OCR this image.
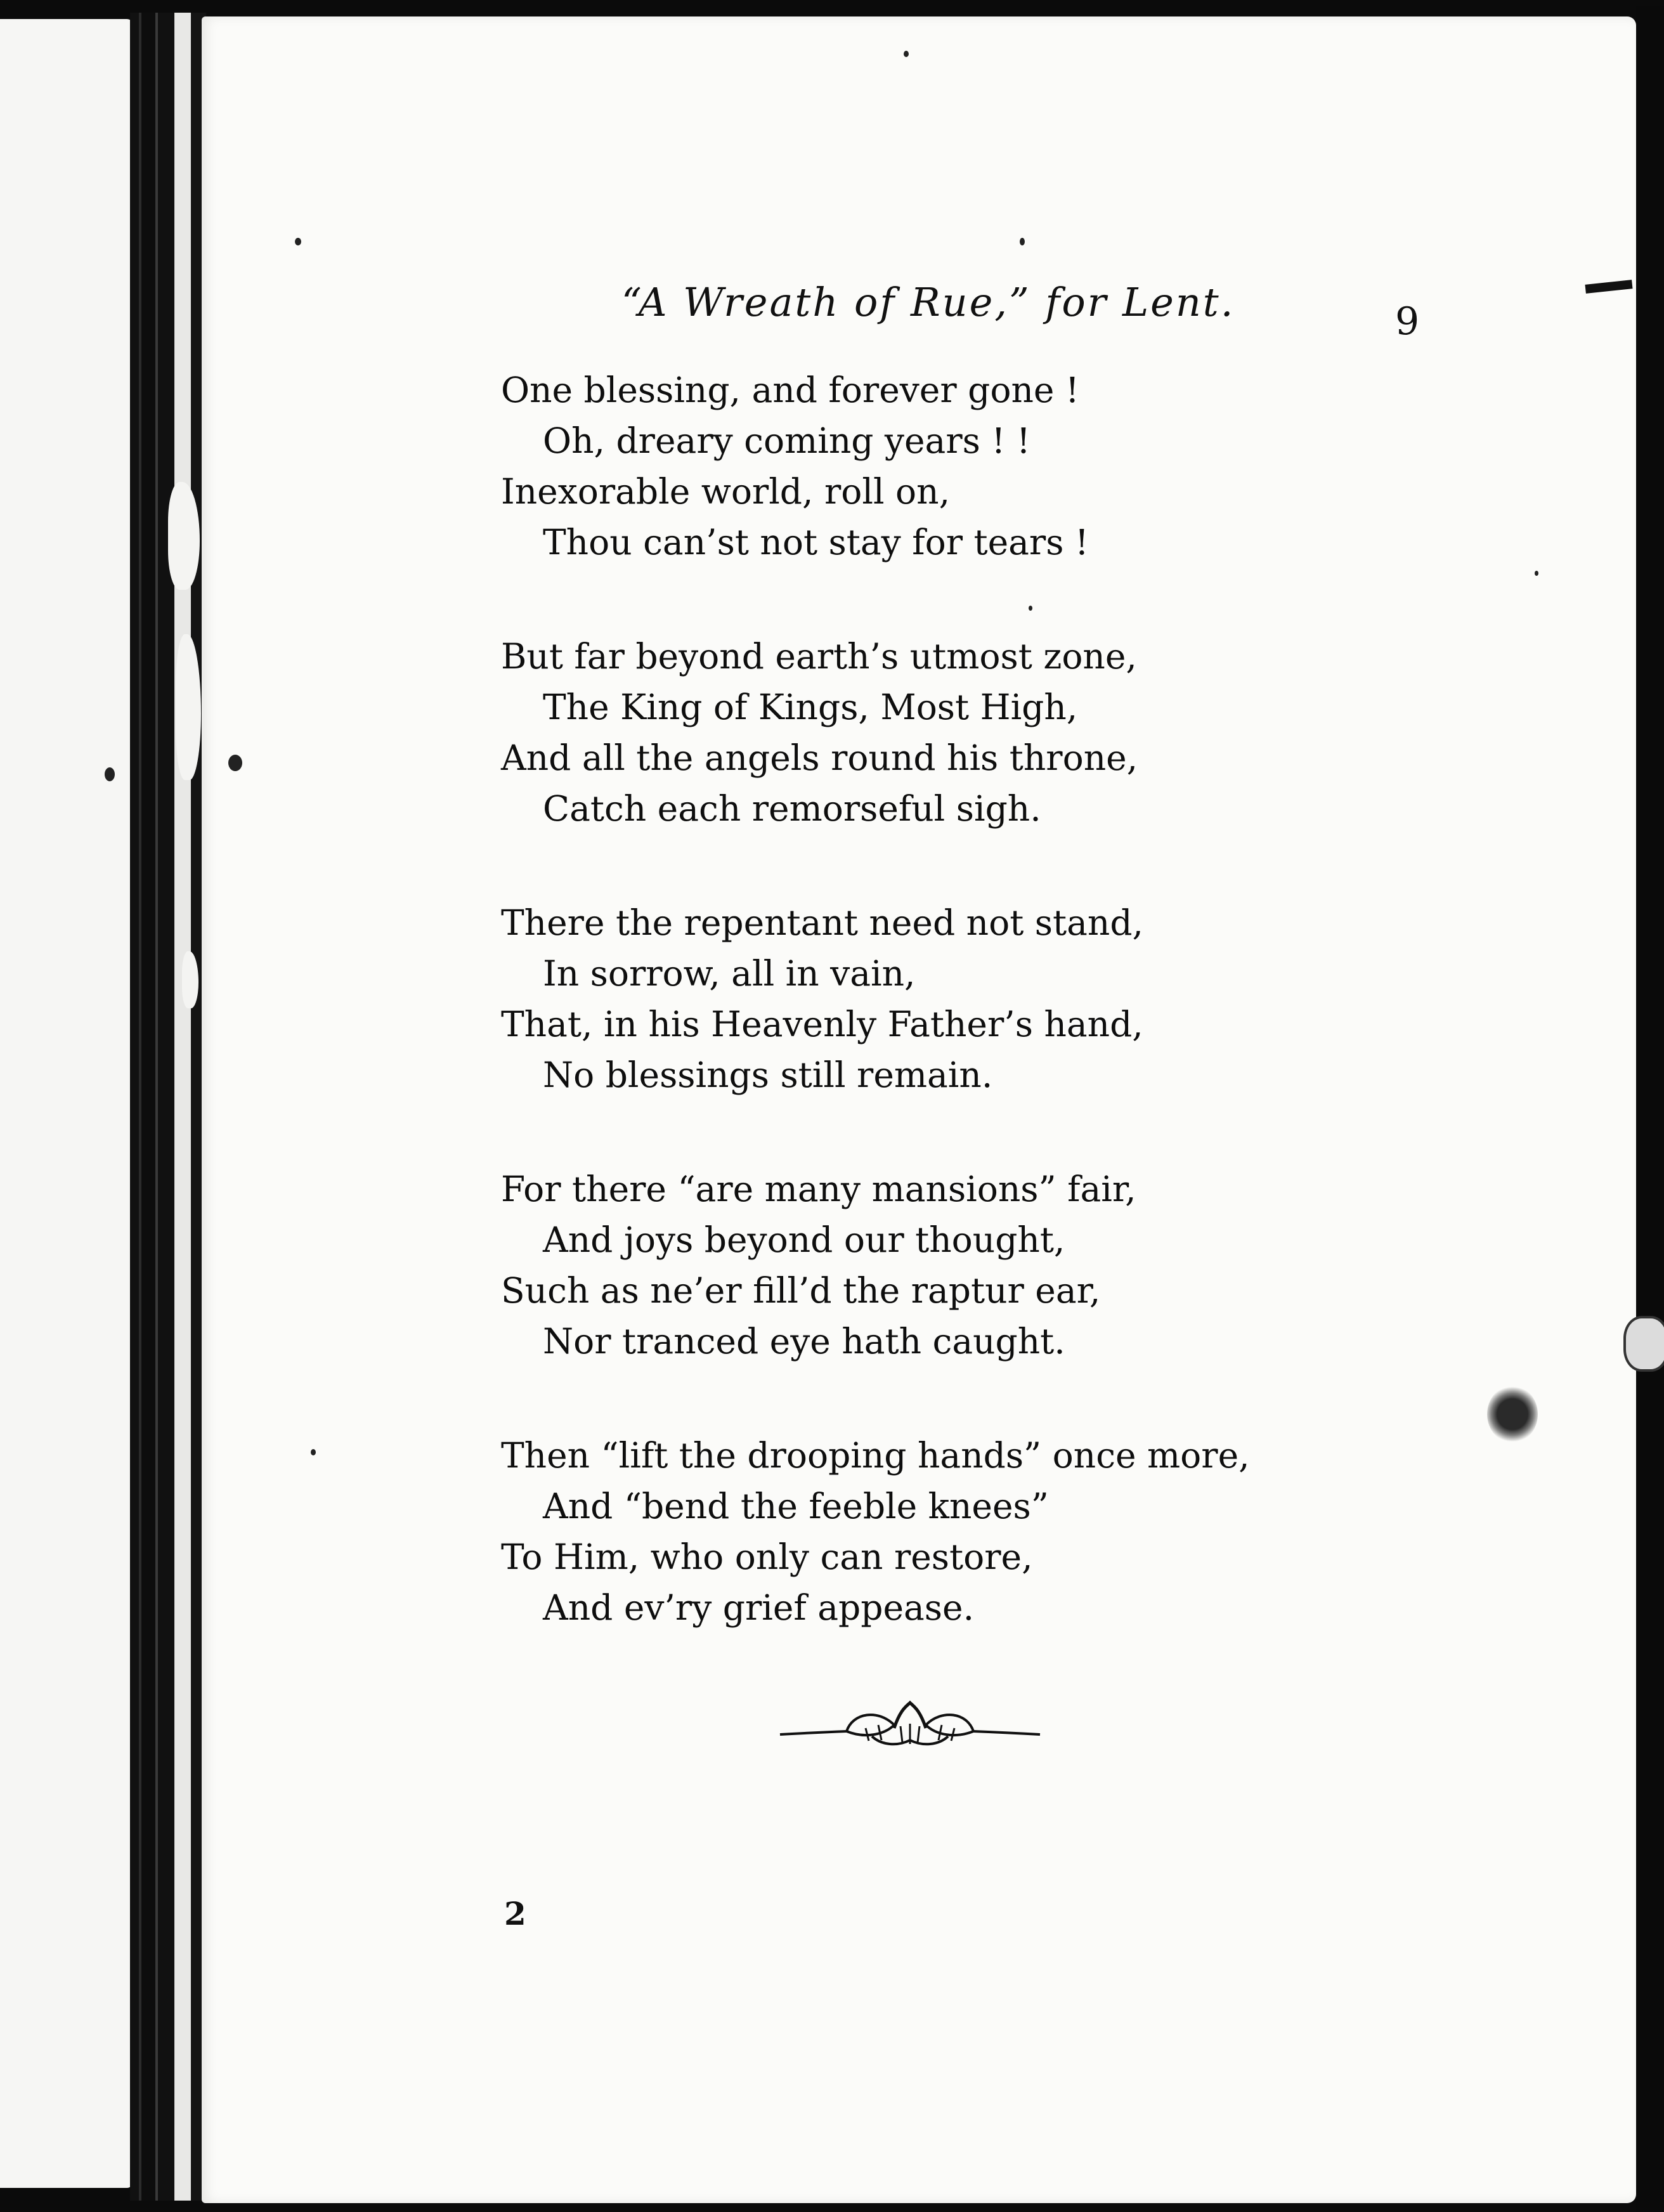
“A Wreath of Rue,” for Lent.	9
One blessing, and forever gone !
Oh, dreary coming years ! !
Inexorable world, roll on,
Thou can’st not stay for tears !
But far beyond earth’s utmost zone,
The King of Kings, Most High,
And all the angels round his throne,
Catch each remorseful sigh.
There the repentant need not stand,
In sorrow, all in vain,
That, in his Heavenly Father’s hand,
No blessings still remain.
For there “are many mansions” fair,
And joys beyond our thought,
Such as ne’er fill’d the raptur ear,
Nor tranced eye hath caught.
Then “lift the drooping hands” once more,
And “bend the feeble knees”
To Him, who only can restore,
And ev’ry grief appease.
2
